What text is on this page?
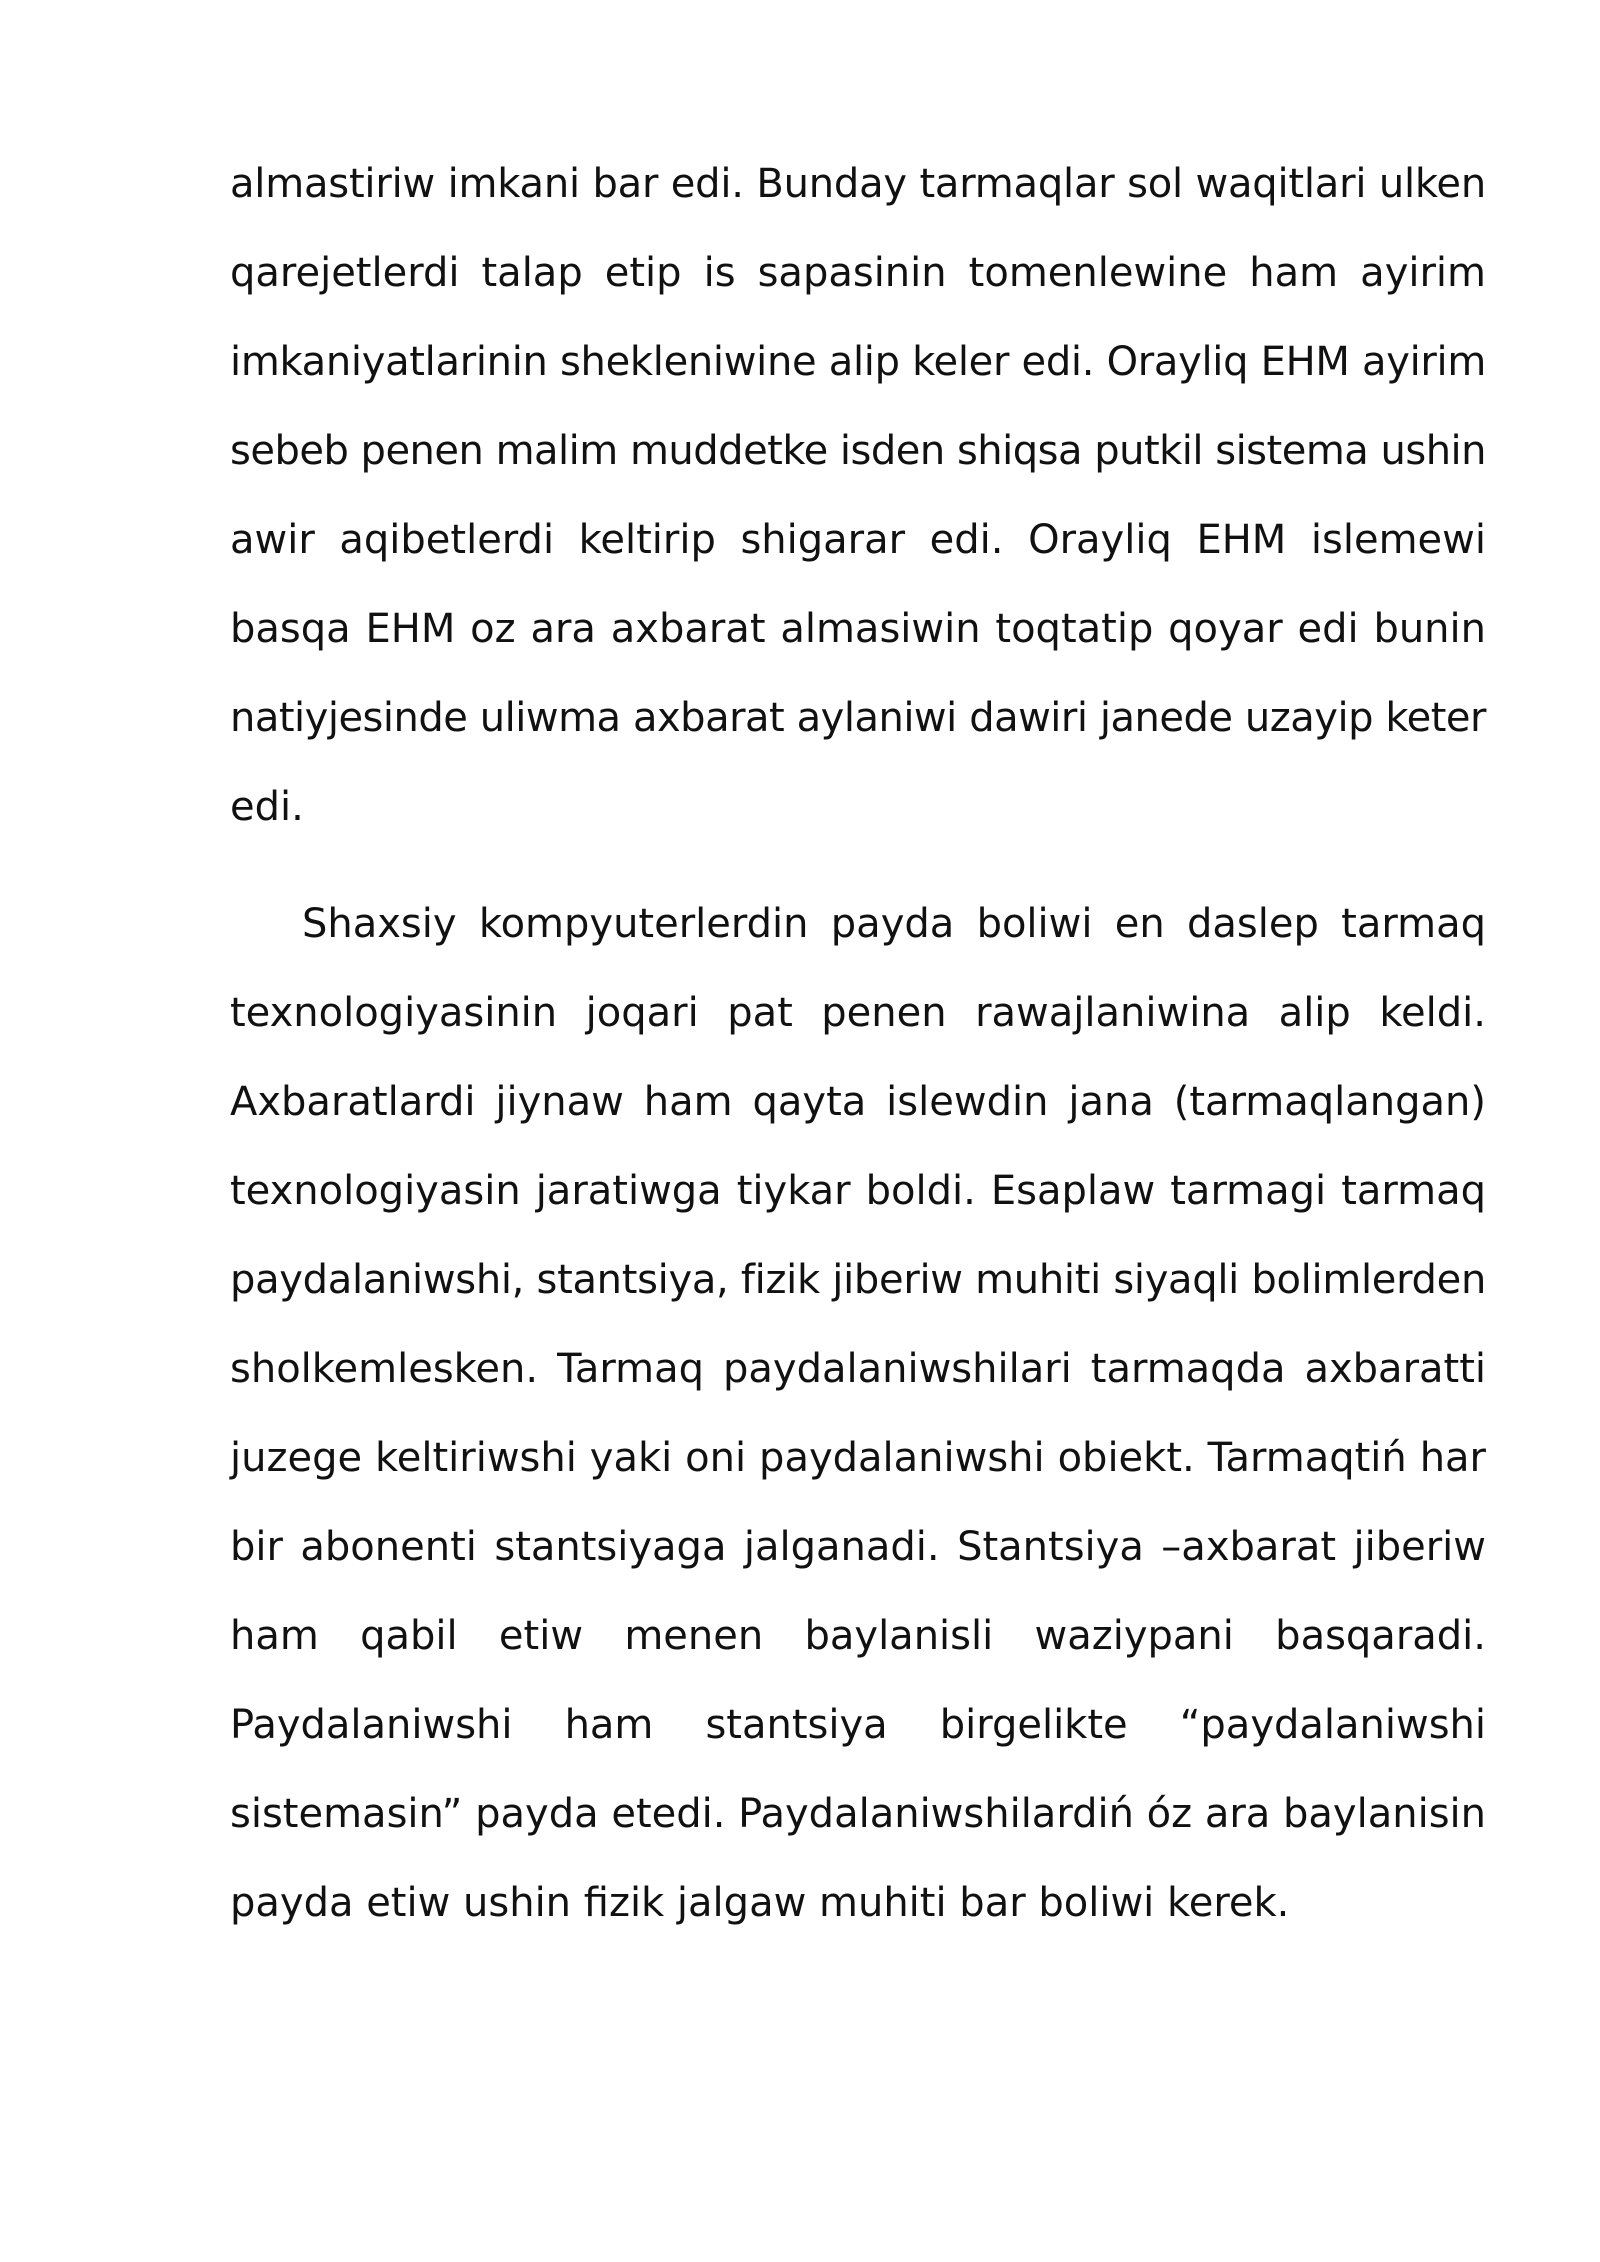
almastiriw imkani bar edi. Bunday tarmaqlar sol waqitlari ulken
qarejetlerdi talap etip is sapasinin tomenlewine ham ayirim
imkaniyatlarinin shekleniwine alip keler edi. Orayliq EHM ayirim
sebeb penen malim muddetke isden shiqsa putkil sistema ushin
awir aqibetlerdi keltirip shigarar edi. Orayliq EHM islemewi
basqa EHM oz ara axbarat almasiwin toqtatip qoyar edi bunin
natiyjesinde uliwma axbarat aylaniwi dawiri janede uzayip keter
edi.

Shaxsiy kompyuterlerdin payda boliwi en daslep tarmaq
texnologiyasinin joqari pat penen rawajlaniwina alip keldi.
Axbaratlardi jiynaw ham qayta islewdin jana (tarmaqlangan)
texnologiyasin jaratiwga tiykar boldi. Esaplaw tarmagi tarmaq
paydalaniwshi, stantsiya, fizik jiberiw muhiti siyaqli bolimlerden
sholkemlesken. Tarmaq paydalaniwshilari tarmaqda axbaratti
juzege keltiriwshi yaki oni paydalaniwshi obiekt. Tarmaqtiń har
bir abonenti stantsiyaga jalganadi. Stantsiya –axbarat jiberiw
ham qabil etiw menen baylanisli waziypani basqaradi.
Paydalaniwshi ham stantsiya birgelikte “paydalaniwshi
sistemasin” payda etedi. Paydalaniwshilardiń óz ara baylanisin
payda etiw ushin fizik jalgaw muhiti bar boliwi kerek.
